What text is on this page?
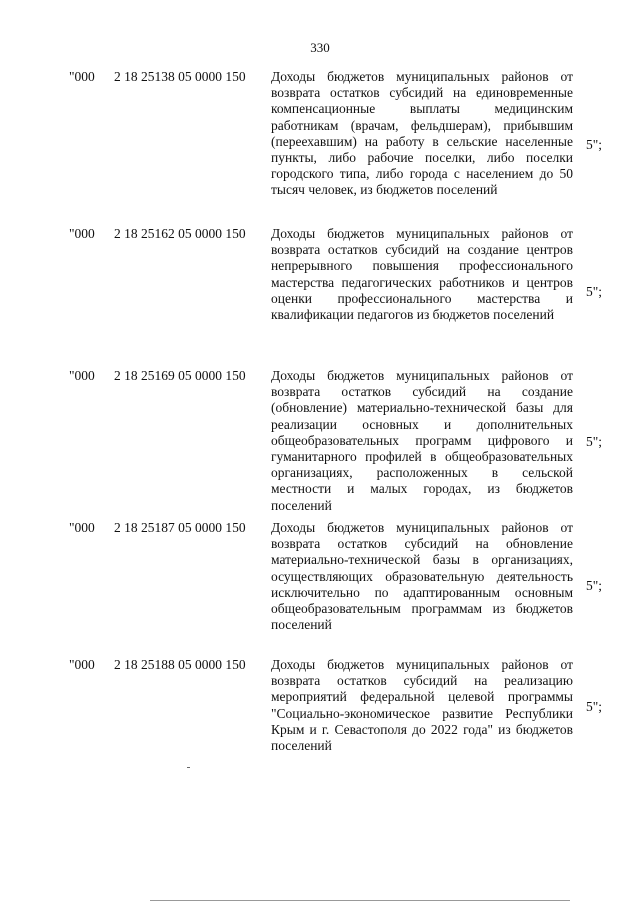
330
"000 2 18 25138 05 0000 150 Доходы бюджетов муниципальных районов от возврата остатков субсидий на единовременные компенсационные выплаты медицинским работникам (врачам, фельдшерам), прибывшим (переехавшим) на работу в сельские населенные пункты, либо рабочие поселки, либо поселки городского типа, либо города с населением до 50 тысяч человек, из бюджетов поселений
5";
"000 2 18 25162 05 0000 150 Доходы бюджетов муниципальных районов от возврата остатков субсидий на создание центров непрерывного повышения профессионального мастерства педагогических работников и центров оценки профессионального мастерства и квалификации педагогов из бюджетов поселений
5";
"000 2 18 25169 05 0000 150 Доходы бюджетов муниципальных районов от возврата остатков субсидий на создание (обновление) материально-технической базы для реализации основных и дополнительных общеобразовательных программ цифрового и гуманитарного профилей в общеобразовательных организациях, расположенных в сельской местности и малых городах, из бюджетов поселений
5";
"000 2 18 25187 05 0000 150 Доходы бюджетов муниципальных районов от возврата остатков субсидий на обновление материально-технической базы в организациях, осуществляющих образовательную деятельность исключительно по адаптированным основным общеобразовательным программам из бюджетов поселений
5";
"000 2 18 25188 05 0000 150 Доходы бюджетов муниципальных районов от возврата остатков субсидий на реализацию мероприятий федеральной целевой программы "Социально-экономическое развитие Республики Крым и г. Севастополя до 2022 года" из бюджетов поселений
5";
